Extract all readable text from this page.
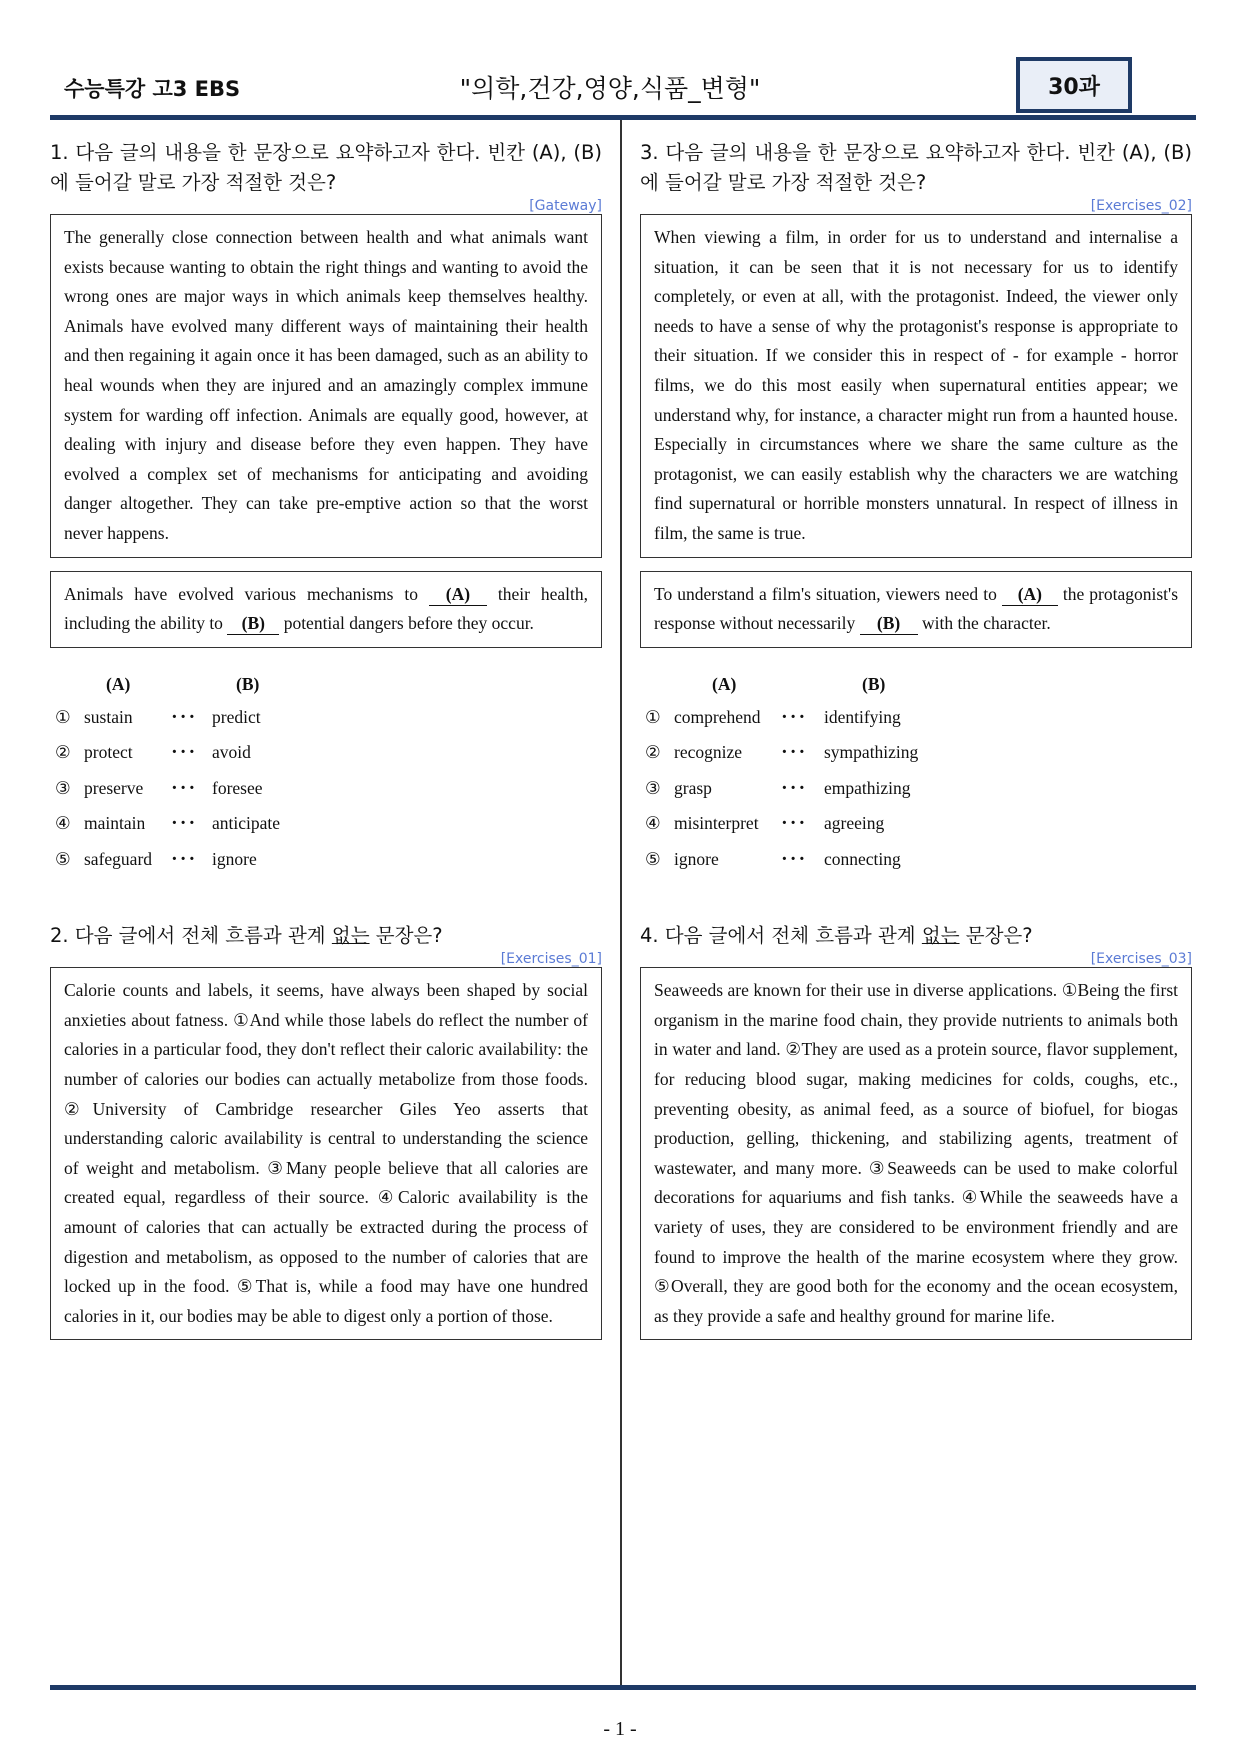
수능특강 고3 EBS	"의학,건강,영양,식품_변형"	30과
1. 다음 글의 내용을 한 문장으로 요약하고자 한다. 빈칸 (A), (B)에 들어갈 말로 가장 적절한 것은?
[Gateway]
The generally close connection between health and what animals want exists because wanting to obtain the right things and wanting to avoid the wrong ones are major ways in which animals keep themselves healthy. Animals have evolved many different ways of maintaining their health and then regaining it again once it has been damaged, such as an ability to heal wounds when they are injured and an amazingly complex immune system for warding off infection. Animals are equally good, however, at dealing with injury and disease before they even happen. They have evolved a complex set of mechanisms for anticipating and avoiding danger altogether. They can take pre-emptive action so that the worst never happens.
Animals have evolved various mechanisms to (A) their health, including the ability to (B) potential dangers before they occur.
(A)	(B)
① sustain ･･･ predict
② protect ･･･ avoid
③ preserve ･･･ foresee
④ maintain ･･･ anticipate
⑤ safeguard ･･･ ignore
2. 다음 글에서 전체 흐름과 관계 없는 문장은?
[Exercises_01]
Calorie counts and labels, it seems, have always been shaped by social anxieties about fatness. ①And while those labels do reflect the number of calories in a particular food, they don't reflect their caloric availability: the number of calories our bodies can actually metabolize from those foods. ②University of Cambridge researcher Giles Yeo asserts that understanding caloric availability is central to understanding the science of weight and metabolism. ③Many people believe that all calories are created equal, regardless of their source. ④Caloric availability is the amount of calories that can actually be extracted during the process of digestion and metabolism, as opposed to the number of calories that are locked up in the food. ⑤That is, while a food may have one hundred calories in it, our bodies may be able to digest only a portion of those.
3. 다음 글의 내용을 한 문장으로 요약하고자 한다. 빈칸 (A), (B)에 들어갈 말로 가장 적절한 것은?
[Exercises_02]
When viewing a film, in order for us to understand and internalise a situation, it can be seen that it is not necessary for us to identify completely, or even at all, with the protagonist. Indeed, the viewer only needs to have a sense of why the protagonist's response is appropriate to their situation. If we consider this in respect of - for example - horror films, we do this most easily when supernatural entities appear; we understand why, for instance, a character might run from a haunted house. Especially in circumstances where we share the same culture as the protagonist, we can easily establish why the characters we are watching find supernatural or horrible monsters unnatural. In respect of illness in film, the same is true.
To understand a film's situation, viewers need to (A) the protagonist's response without necessarily (B) with the character.
(A)	(B)
① comprehend ･･･ identifying
② recognize ･･･ sympathizing
③ grasp	･･･ empathizing
④ misinterpret ･･･ agreeing
⑤ ignore	･･･ connecting
4. 다음 글에서 전체 흐름과 관계 없는 문장은?
[Exercises_03]
Seaweeds are known for their use in diverse applications. ①Being the first organism in the marine food chain, they provide nutrients to animals both in water and land. ②They are used as a protein source, flavor supplement, for reducing blood sugar, making medicines for colds, coughs, etc., preventing obesity, as animal feed, as a source of biofuel, for biogas production, gelling, thickening, and stabilizing agents, treatment of wastewater, and many more. ③Seaweeds can be used to make colorful decorations for aquariums and fish tanks. ④While the seaweeds have a variety of uses, they are considered to be environment friendly and are found to improve the health of the marine ecosystem where they grow. ⑤Overall, they are good both for the economy and the ocean ecosystem, as they provide a safe and healthy ground for marine life.
- 1 -
